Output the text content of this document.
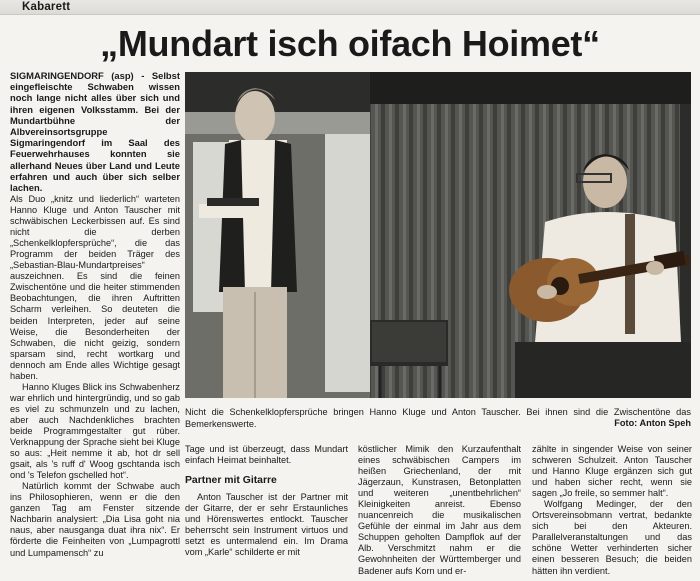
Kabarett
„Mundart isch oifach Hoimet“
SIGMARINGENDORF (asp) - Selbst eingefleischte Schwaben wissen noch lange nicht alles über sich und ihren eigenen Volksstamm. Bei der Mundartbühne der Albvereinsortsgruppe Sigmaringendorf im Saal des Feuerwehrhauses konnten sie allerhand Neues über Land und Leute erfahren und auch über sich selber lachen.

Als Duo „knitz und liederlich“ warteten Hanno Kluge und Anton Tauscher mit schwäbischen Leckerbissen auf. Es sind nicht die derben „Schenkelklopfersprüche“, die das Programm der beiden Träger des „Sebastian-Blau-Mundartpreises“ auszeichnen. Es sind die feinen Zwischentöne und die heiter stimmenden Beobachtungen, die ihren Auftritten Scharm verleihen. So deuteten die beiden Interpreten, jeder auf seine Weise, die Besonderheiten der Schwaben, die nicht geizig, sondern sparsam sind, recht wortkarg und dennoch am Ende alles Wichtige gesagt haben.

Hanno Kluges Blick ins Schwabenherz war ehrlich und hintergründig, und so gab es viel zu schmunzeln und zu lachen, aber auch Nachdenkliches brachten beide Programmgestalter gut rüber. Verknappung der Sprache sieht bei Kluge so aus: „Heit nemme it ab, hot dr sell gsait, als 's ruff d' Woog gschtanda isch ond 's Telefon gschelled hot“.

Natürlich kommt der Schwabe auch ins Philosophieren, wenn er die den ganzen Tag am Fenster sitzende Nachbarin analysiert: „Dia Lisa goht nia naus, aber nausganga duat ihra nix“. Er förderte die Feinheiten von „Lumpagrottl und Lumpamensch“ zu

Nicht die Schenkelklopfersprüche bringen Hanno Kluge und Anton Tauscher. Bei ihnen sind die Zwischentöne das Bemerkenswerte.	Foto: Anton Speh

Tage und ist überzeugt, dass Mundart einfach Heimat beinhaltet.

Partner mit Gitarre

Anton Tauscher ist der Partner mit der Gitarre, der er sehr Erstaunliches und Hörenswertes entlockt. Tauscher beherrscht sein Instrument virtuos und setzt es untermalend ein. Im Drama vom „Karle“ schilderte er mit

köstlicher Mimik den Kurzaufenthalt eines schwäbischen Campers im heißen Griechenland, der mit Jägerzaun, Kunstrasen, Betonplatten und weiteren „unentbehrlichen“ Kleinigkeiten anreist. Ebenso nuancenreich die musikalischen Gefühle der einmal im Jahr aus dem Schuppen geholten Dampflok auf der Alb. Verschmitzt nahm er die Gewohnheiten der Württemberger und Badener aufs Korn und er-

zählte in singender Weise von seiner schweren Schulzeit. Anton Tauscher und Hanno Kluge ergänzen sich gut und haben sicher recht, wenn sie sagen „Jo freile, so semmer halt“.

Wolfgang Medinger, der den Ortsvereinsobmann vertrat, bedankte sich bei den Akteuren. Parallelveranstaltungen und das schöne Wetter verhinderten sicher einen besseren Besuch; die beiden hätten ihn verdient.
